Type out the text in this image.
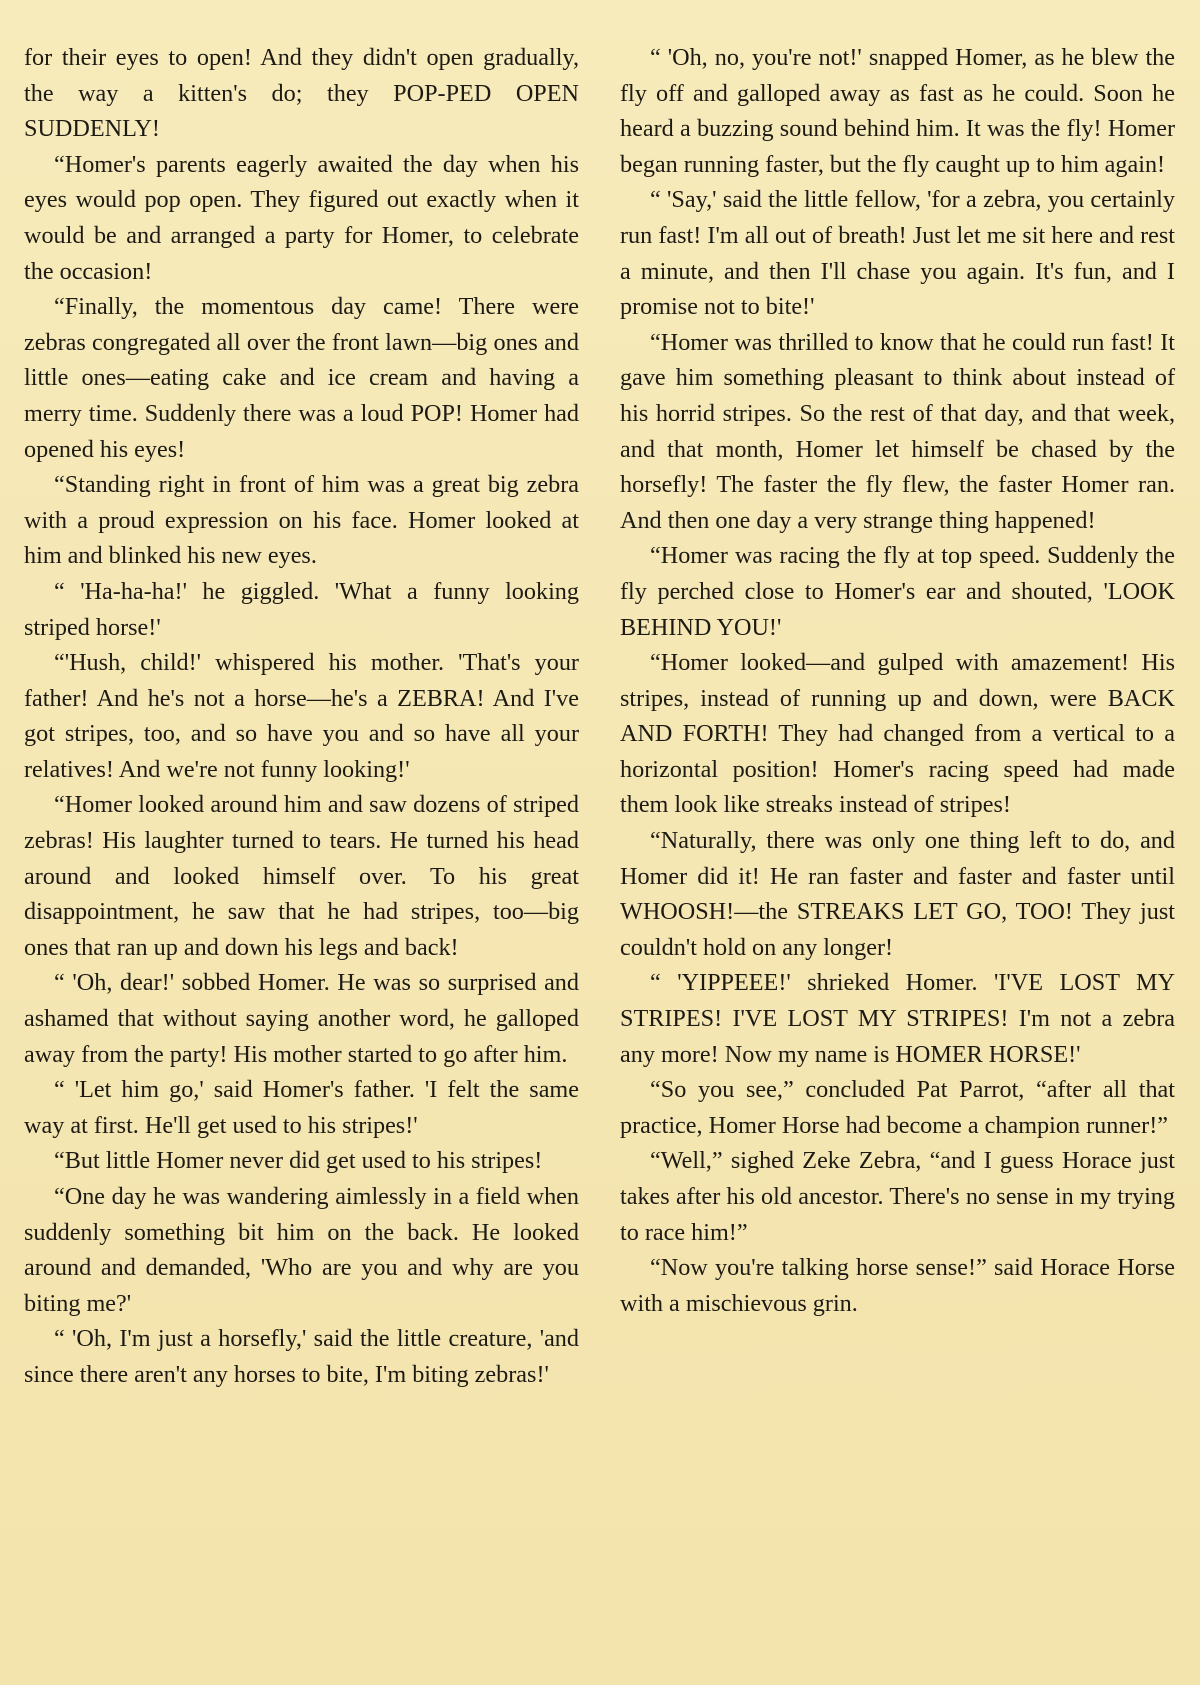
for their eyes to open! And they didn't open gradually, the way a kitten's do; they POP-PED OPEN SUDDENLY!

“Homer's parents eagerly awaited the day when his eyes would pop open. They figured out exactly when it would be and arranged a party for Homer, to celebrate the occasion!

“Finally, the momentous day came! There were zebras congregated all over the front lawn—big ones and little ones—eating cake and ice cream and having a merry time. Suddenly there was a loud POP! Homer had opened his eyes!

“Standing right in front of him was a great big zebra with a proud expression on his face. Homer looked at him and blinked his new eyes.

“ 'Ha-ha-ha!' he giggled. 'What a funny looking striped horse!'

“'Hush, child!' whispered his mother. 'That's your father! And he's not a horse—he's a ZEBRA! And I've got stripes, too, and so have you and so have all your relatives! And we're not funny looking!'

“Homer looked around him and saw dozens of striped zebras! His laughter turned to tears. He turned his head around and looked himself over. To his great disappointment, he saw that he had stripes, too—big ones that ran up and down his legs and back!

“ 'Oh, dear!' sobbed Homer. He was so surprised and ashamed that without saying another word, he galloped away from the party! His mother started to go after him.

“ 'Let him go,' said Homer's father. 'I felt the same way at first. He'll get used to his stripes!'

“But little Homer never did get used to his stripes!

“One day he was wandering aimlessly in a field when suddenly something bit him on the back. He looked around and demanded, 'Who are you and why are you biting me?'

“ 'Oh, I'm just a horsefly,' said the little creature, 'and since there aren't any horses to bite, I'm biting zebras!'

“ 'Oh, no, you're not!' snapped Homer, as he blew the fly off and galloped away as fast as he could. Soon he heard a buzzing sound behind him. It was the fly! Homer began running faster, but the fly caught up to him again!

“ 'Say,' said the little fellow, 'for a zebra, you certainly run fast! I'm all out of breath! Just let me sit here and rest a minute, and then I'll chase you again. It's fun, and I promise not to bite!'

“Homer was thrilled to know that he could run fast! It gave him something pleasant to think about instead of his horrid stripes. So the rest of that day, and that week, and that month, Homer let himself be chased by the horsefly! The faster the fly flew, the faster Homer ran. And then one day a very strange thing happened!

“Homer was racing the fly at top speed. Suddenly the fly perched close to Homer's ear and shouted, 'LOOK BEHIND YOU!'

“Homer looked—and gulped with amazement! His stripes, instead of running up and down, were BACK AND FORTH! They had changed from a vertical to a horizontal position! Homer's racing speed had made them look like streaks instead of stripes!

“Naturally, there was only one thing left to do, and Homer did it! He ran faster and faster and faster until WHOOSH!—the STREAKS LET GO, TOO! They just couldn't hold on any longer!

“ 'YIPPEEE!' shrieked Homer. 'I'VE LOST MY STRIPES! I'VE LOST MY STRIPES! I'm not a zebra any more! Now my name is HOMER HORSE!'

“So you see,” concluded Pat Parrot, “after all that practice, Homer Horse had become a champion runner!”

“Well,” sighed Zeke Zebra, “and I guess Horace just takes after his old ancestor. There's no sense in my trying to race him!”

“Now you're talking horse sense!” said Horace Horse with a mischievous grin.
